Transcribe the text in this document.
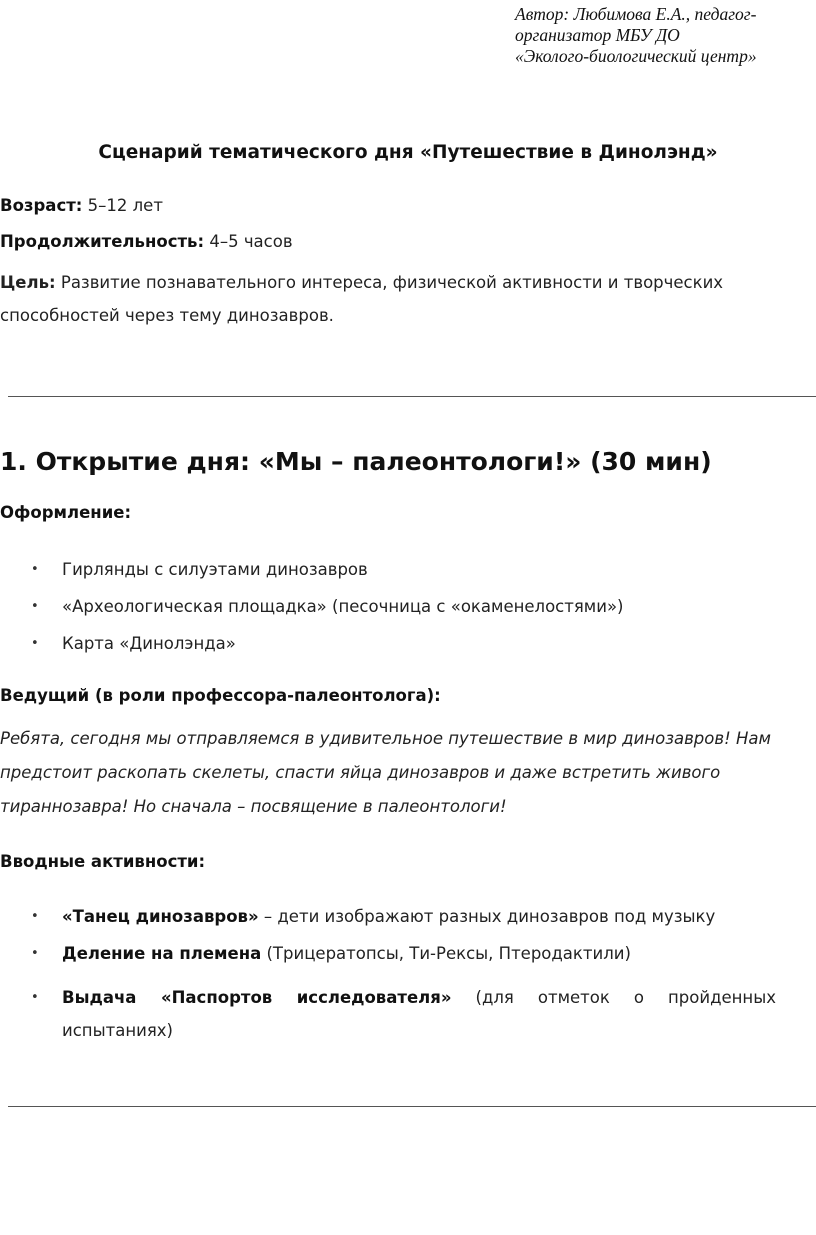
Автор: Любимова Е.А., педагог-
организатор МБУ ДО
«Эколого-биологический центр»
Сценарий тематического дня «Путешествие в Динолэнд»
Возраст: 5–12 лет
Продолжительность: 4–5 часов
Цель: Развитие познавательного интереса, физической активности и творческих способностей через тему динозавров.
1. Открытие дня: «Мы – палеонтологи!» (30 мин)
Оформление:
• Гирлянды с силуэтами динозавров
• «Археологическая площадка» (песочница с «окаменелостями»)
• Карта «Динолэнда»
Ведущий (в роли профессора-палеонтолога):
Ребята, сегодня мы отправляемся в удивительное путешествие в мир динозавров! Нам предстоит раскопать скелеты, спасти яйца динозавров и даже встретить живого тираннозавра! Но сначала – посвящение в палеонтологи!
Вводные активности:
• «Танец динозавров» – дети изображают разных динозавров под музыку
• Деление на племена (Трицератопсы, Ти-Рексы, Птеродактили)
• Выдача «Паспортов исследователя» (для отметок о пройденных испытаниях)
